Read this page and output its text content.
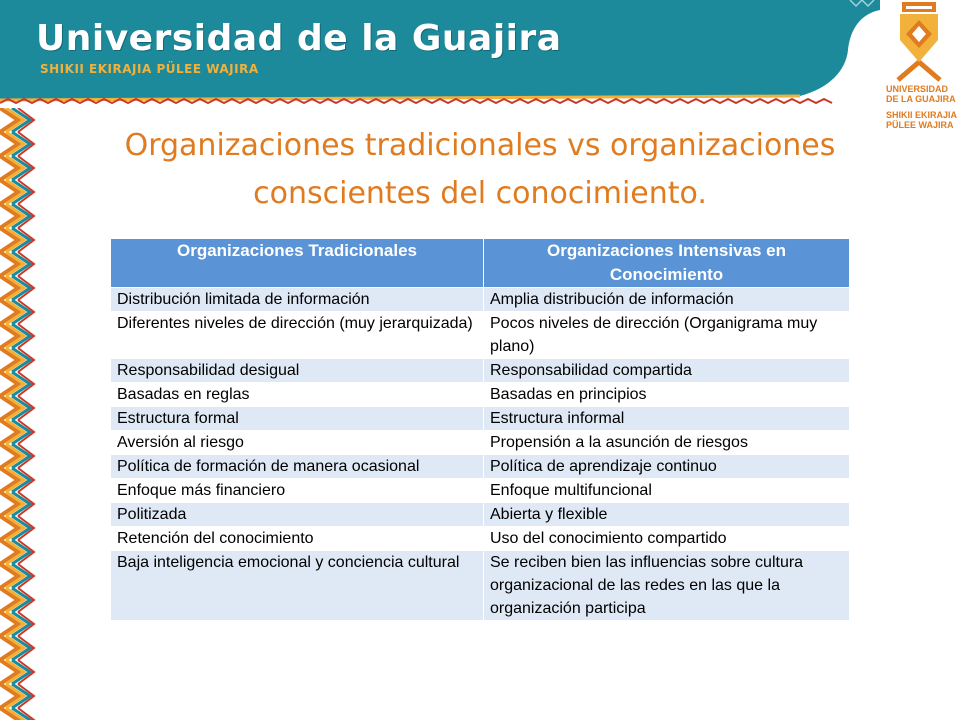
Universidad de la Guajira
SHIKII EKIRAJIA PÜLEE WAJIRA
UNIVERSIDAD
DE LA GUAJIRA
SHIKII EKIRAJIA
PÜLEE WAJIRA
Organizaciones tradicionales vs organizaciones
conscientes del conocimiento.
Organizaciones Tradicionales	Organizaciones Intensivas en Conocimiento
Distribución limitada de información	Amplia distribución de información
Diferentes niveles de dirección (muy jerarquizada)	Pocos niveles de dirección (Organigrama muy plano)
Responsabilidad desigual	Responsabilidad compartida
Basadas en reglas	Basadas en principios
Estructura formal	Estructura informal
Aversión al riesgo	Propensión a la asunción de riesgos
Política de formación de manera ocasional	Política de aprendizaje continuo
Enfoque más financiero	Enfoque multifuncional
Politizada	Abierta y flexible
Retención del conocimiento	Uso del conocimiento compartido
Baja inteligencia emocional y conciencia cultural	Se reciben bien las influencias sobre cultura organizacional de las redes en las que la organización participa
